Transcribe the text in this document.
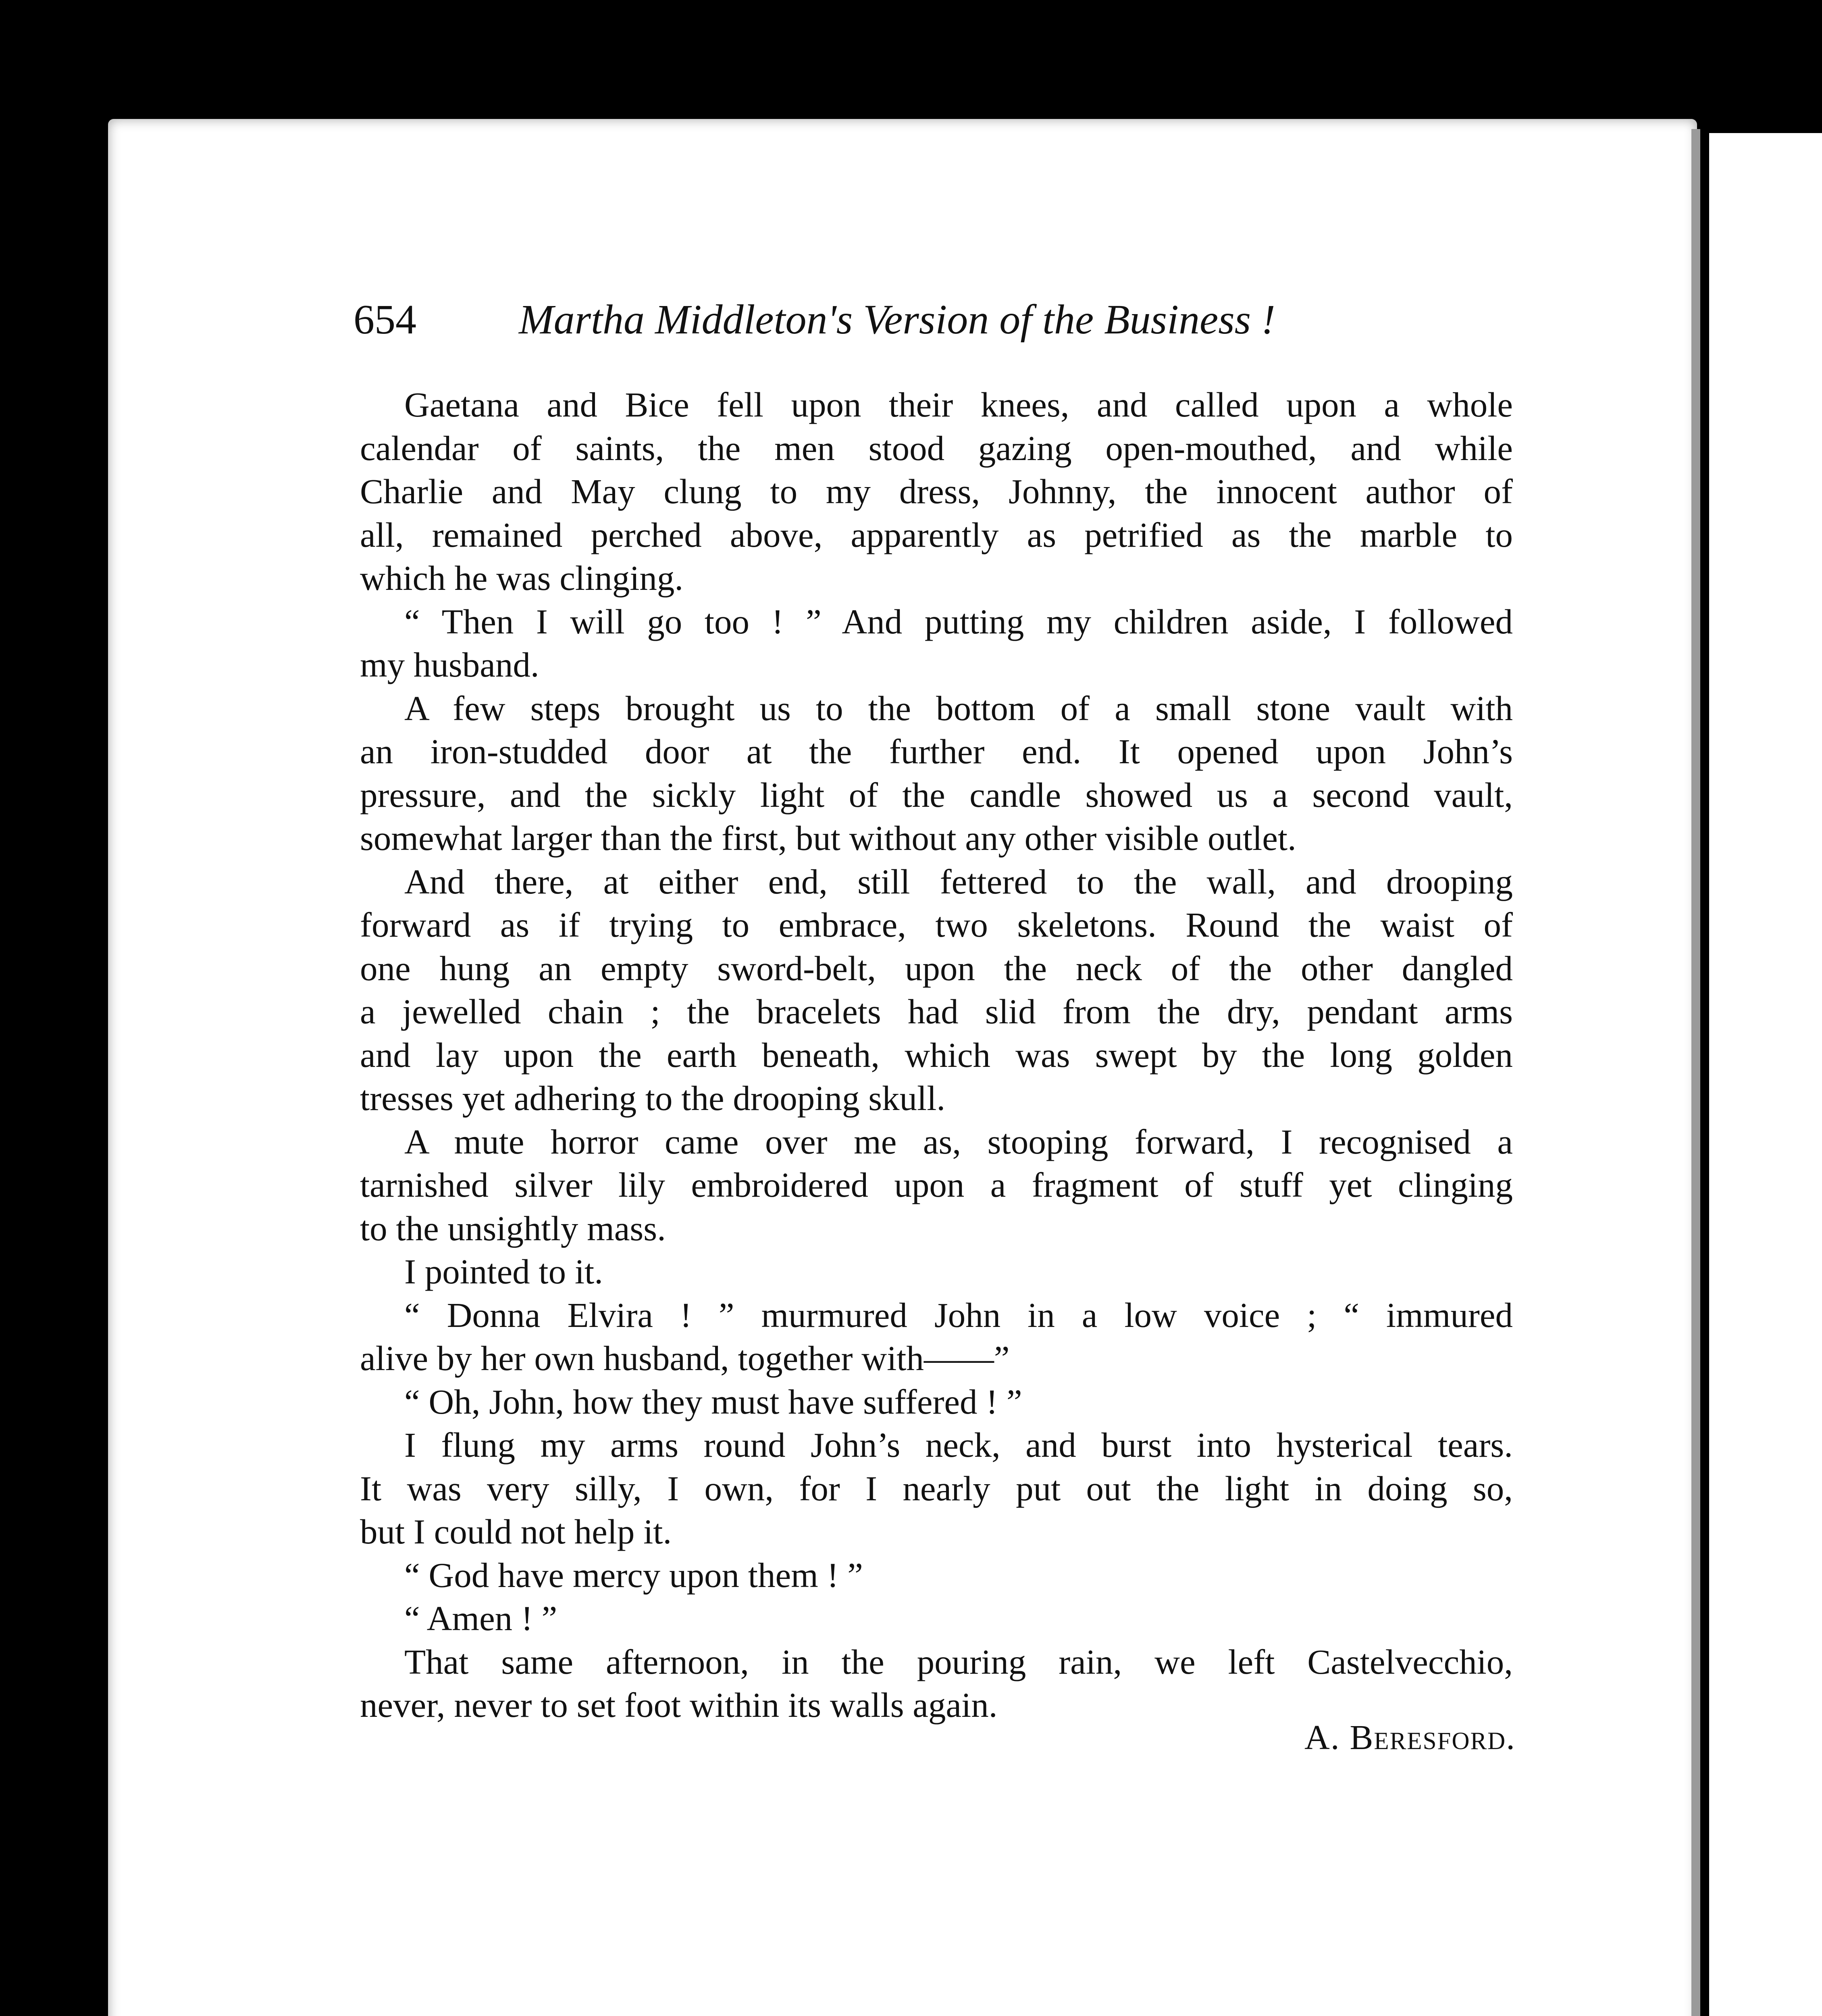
654 Martha Middleton's Version of the Business !
Gaetana and Bice fell upon their knees, and called upon a whole
calendar of saints, the men stood gazing open-mouthed, and while
Charlie and May clung to my dress, Johnny, the innocent author of
all, remained perched above, apparently as petrified as the marble to
which he was clinging.
“ Then I will go too ! ” And putting my children aside, I followed
my husband.
A few steps brought us to the bottom of a small stone vault with
an iron-studded door at the further end. It opened upon John’s
pressure, and the sickly light of the candle showed us a second vault,
somewhat larger than the first, but without any other visible outlet.
And there, at either end, still fettered to the wall, and drooping
forward as if trying to embrace, two skeletons. Round the waist of
one hung an empty sword-belt, upon the neck of the other dangled
a jewelled chain ; the bracelets had slid from the dry, pendant arms
and lay upon the earth beneath, which was swept by the long golden
tresses yet adhering to the drooping skull.
A mute horror came over me as, stooping forward, I recognised a
tarnished silver lily embroidered upon a fragment of stuff yet clinging
to the unsightly mass.
I pointed to it.
“ Donna Elvira ! ” murmured John in a low voice ; “ immured
alive by her own husband, together with——”
“ Oh, John, how they must have suffered ! ”
I flung my arms round John’s neck, and burst into hysterical tears.
It was very silly, I own, for I nearly put out the light in doing so,
but I could not help it.
“ God have mercy upon them ! ”
“ Amen ! ”
That same afternoon, in the pouring rain, we left Castelvecchio,
never, never to set foot within its walls again.
A. Beresford.
